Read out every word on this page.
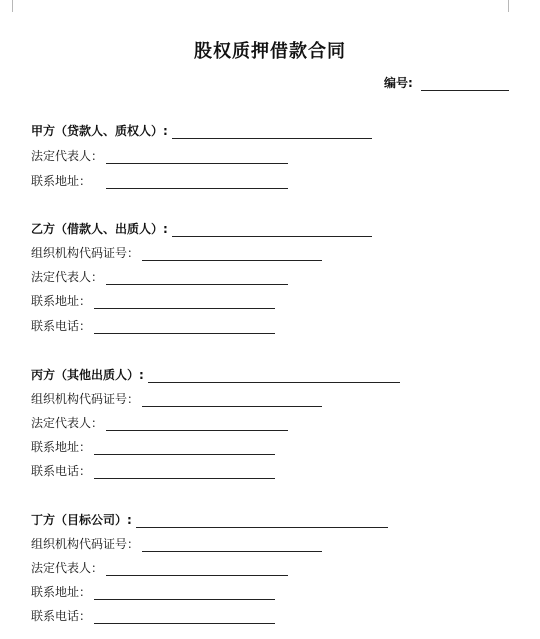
股权质押借款合同
编号:
甲方（贷款人、质权人）:
法定代表人：
联系地址：
乙方（借款人、出质人）:
组织机构代码证号：
法定代表人：
联系地址：
联系电话：
丙方（其他出质人）:
组织机构代码证号：
法定代表人：
联系地址：
联系电话：
丁方（目标公司）:
组织机构代码证号：
法定代表人：
联系地址：
联系电话：
